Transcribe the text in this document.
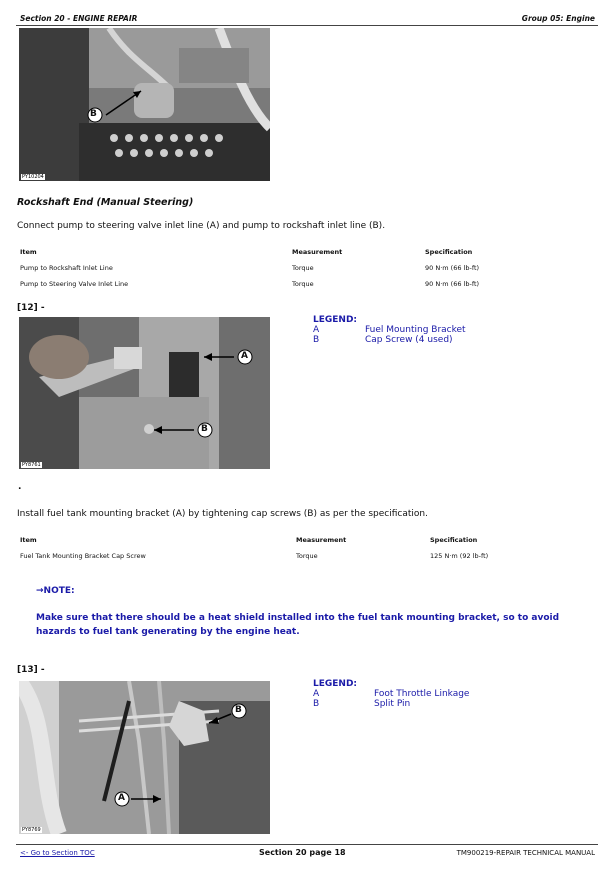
Section 20 - ENGINE REPAIR	Group 05: Engine
B
PY10204
Rockshaft End (Manual Steering)
Connect pump to steering valve inlet line (A) and pump to rockshaft inlet line (B).
Item	Measurement	Specification
Pump to Rockshaft Inlet Line	Torque	90 N·m (66 lb-ft)
Pump to Steering Valve Inlet Line	Torque	90 N·m (66 lb-ft)
[12] -
A
B
PY8761
LEGEND:
A	Fuel Mounting Bracket
B	Cap Screw (4 used)
.
Install fuel tank mounting bracket (A) by tightening cap screws (B) as per the specification.
Item	Measurement	Specification
Fuel Tank Mounting Bracket Cap Screw	Torque	125 N·m (92 lb-ft)
→NOTE:
Make sure that there should be a heat shield installed into the fuel tank mounting bracket, so to avoid hazards to fuel tank generating by the engine heat.
[13] -
B
A
PY8769
LEGEND:
A	Foot Throttle Linkage
B	Split Pin
<- Go to Section TOC	Section 20 page 18	TM900219-REPAIR TECHNICAL MANUAL
